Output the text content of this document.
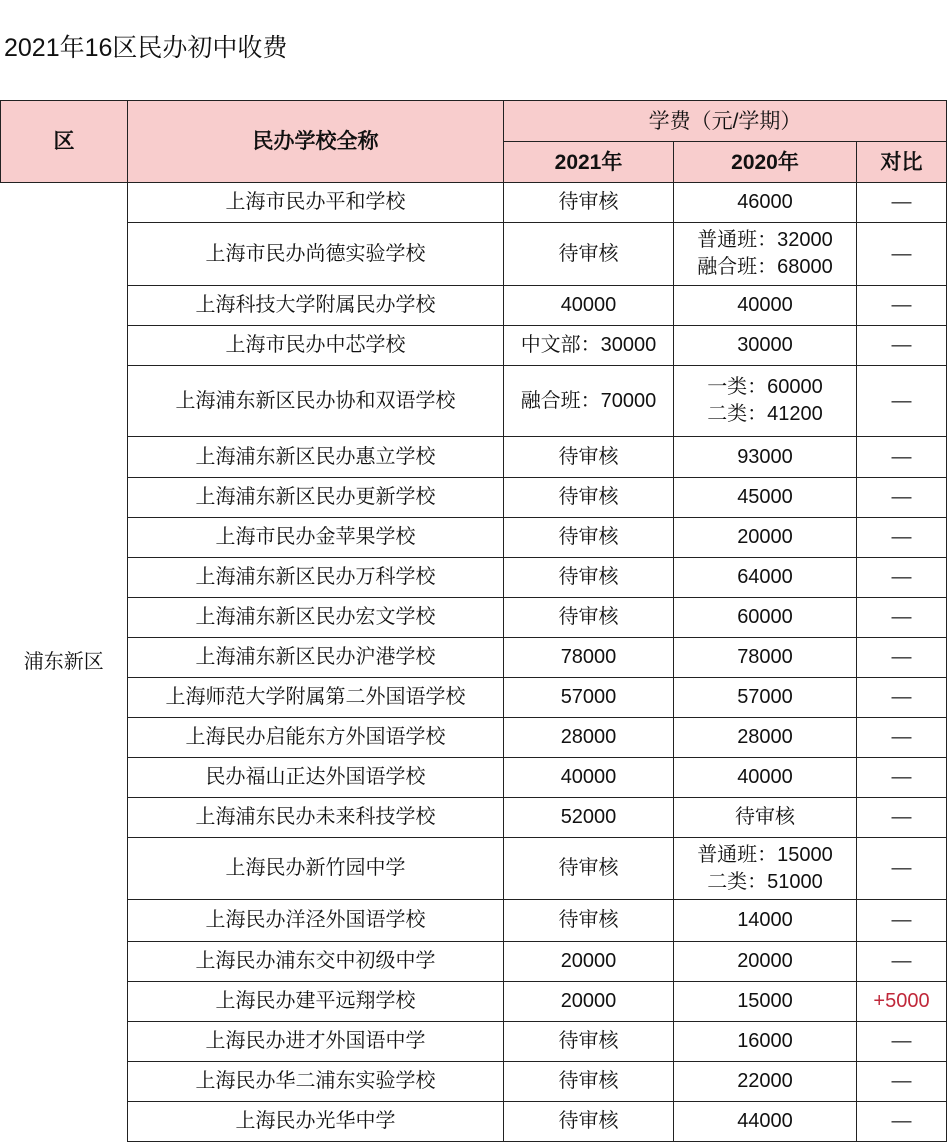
2021年16区民办初中收费
区	民办学校全称	学费（元/学期）		
		2021年	2020年	对比
浦东新区	上海市民办平和学校	待审核	46000	—
	上海市民办尚德实验学校	待审核	普通班：32000
融合班：68000	—
	上海科技大学附属民办学校	40000	40000	—
	上海市民办中芯学校	中文部：30000	30000	—
	上海浦东新区民办协和双语学校	融合班：70000	一类：60000
二类：41200	—
	上海浦东新区民办惠立学校	待审核	93000	—
	上海浦东新区民办更新学校	待审核	45000	—
	上海市民办金苹果学校	待审核	20000	—
	上海浦东新区民办万科学校	待审核	64000	—
	上海浦东新区民办宏文学校	待审核	60000	—
	上海浦东新区民办沪港学校	78000	78000	—
	上海师范大学附属第二外国语学校	57000	57000	—
	上海民办启能东方外国语学校	28000	28000	—
	民办福山正达外国语学校	40000	40000	—
	上海浦东民办未来科技学校	52000	待审核	—
	上海民办新竹园中学	待审核	普通班：15000
二类：51000	—
	上海民办洋泾外国语学校	待审核	14000	—
	上海民办浦东交中初级中学	20000	20000	—
	上海民办建平远翔学校	20000	15000	+5000
	上海民办进才外国语中学	待审核	16000	—
	上海民办华二浦东实验学校	待审核	22000	—
	上海民办光华中学	待审核	44000	—
